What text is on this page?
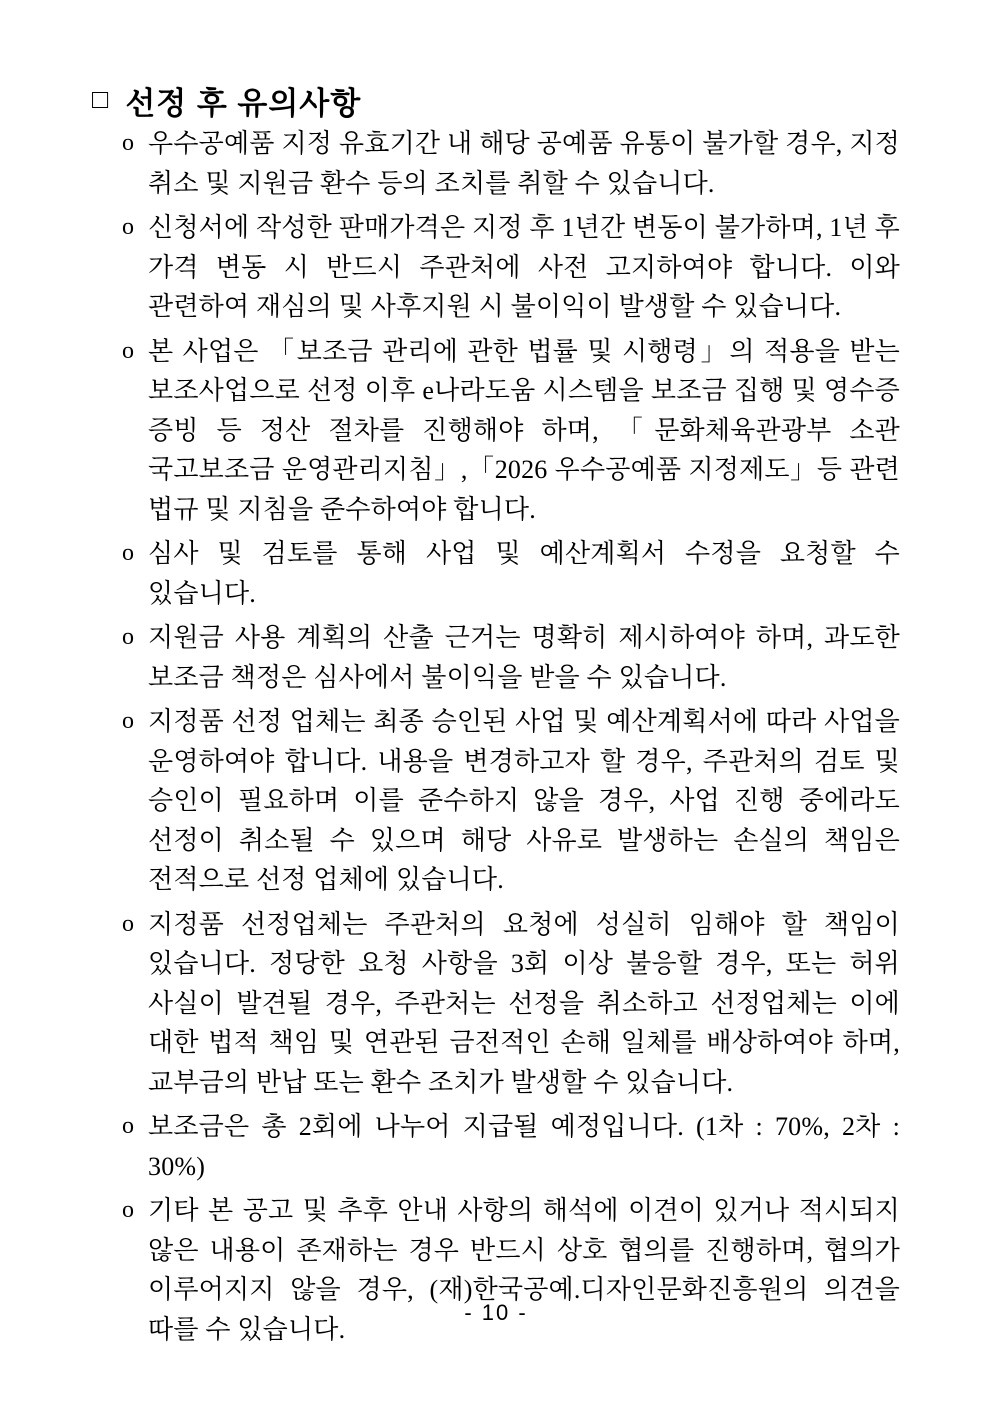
□ 선정 후 유의사항
o 우수공예품 지정 유효기간 내 해당 공예품 유통이 불가할 경우, 지정 취소 및 지원금 환수 등의 조치를 취할 수 있습니다.
o 신청서에 작성한 판매가격은 지정 후 1년간 변동이 불가하며, 1년 후 가격 변동 시 반드시 주관처에 사전 고지하여야 합니다. 이와 관련하여 재심의 및 사후지원 시 불이익이 발생할 수 있습니다.
o 본 사업은 「보조금 관리에 관한 법률 및 시행령」의 적용을 받는 보조사업으로 선정 이후 e나라도움 시스템을 보조금 집행 및 영수증 증빙 등 정산 절차를 진행해야 하며, 「문화체육관광부 소관 국고보조금 운영관리지침」,「2026 우수공예품 지정제도」등 관련 법규 및 지침을 준수하여야 합니다.
o 심사 및 검토를 통해 사업 및 예산계획서 수정을 요청할 수 있습니다.
o 지원금 사용 계획의 산출 근거는 명확히 제시하여야 하며, 과도한 보조금 책정은 심사에서 불이익을 받을 수 있습니다.
o 지정품 선정 업체는 최종 승인된 사업 및 예산계획서에 따라 사업을 운영하여야 합니다. 내용을 변경하고자 할 경우, 주관처의 검토 및 승인이 필요하며 이를 준수하지 않을 경우, 사업 진행 중에라도 선정이 취소될 수 있으며 해당 사유로 발생하는 손실의 책임은 전적으로 선정 업체에 있습니다.
o 지정품 선정업체는 주관처의 요청에 성실히 임해야 할 책임이 있습니다. 정당한 요청 사항을 3회 이상 불응할 경우, 또는 허위 사실이 발견될 경우, 주관처는 선정을 취소하고 선정업체는 이에 대한 법적 책임 및 연관된 금전적인 손해 일체를 배상하여야 하며, 교부금의 반납 또는 환수 조치가 발생할 수 있습니다.
o 보조금은 총 2회에 나누어 지급될 예정입니다. (1차 : 70%, 2차 : 30%)
o 기타 본 공고 및 추후 안내 사항의 해석에 이견이 있거나 적시되지 않은 내용이 존재하는 경우 반드시 상호 협의를 진행하며, 협의가 이루어지지 않을 경우, (재)한국공예.디자인문화진흥원의 의견을 따를 수 있습니다.
- 10 -
